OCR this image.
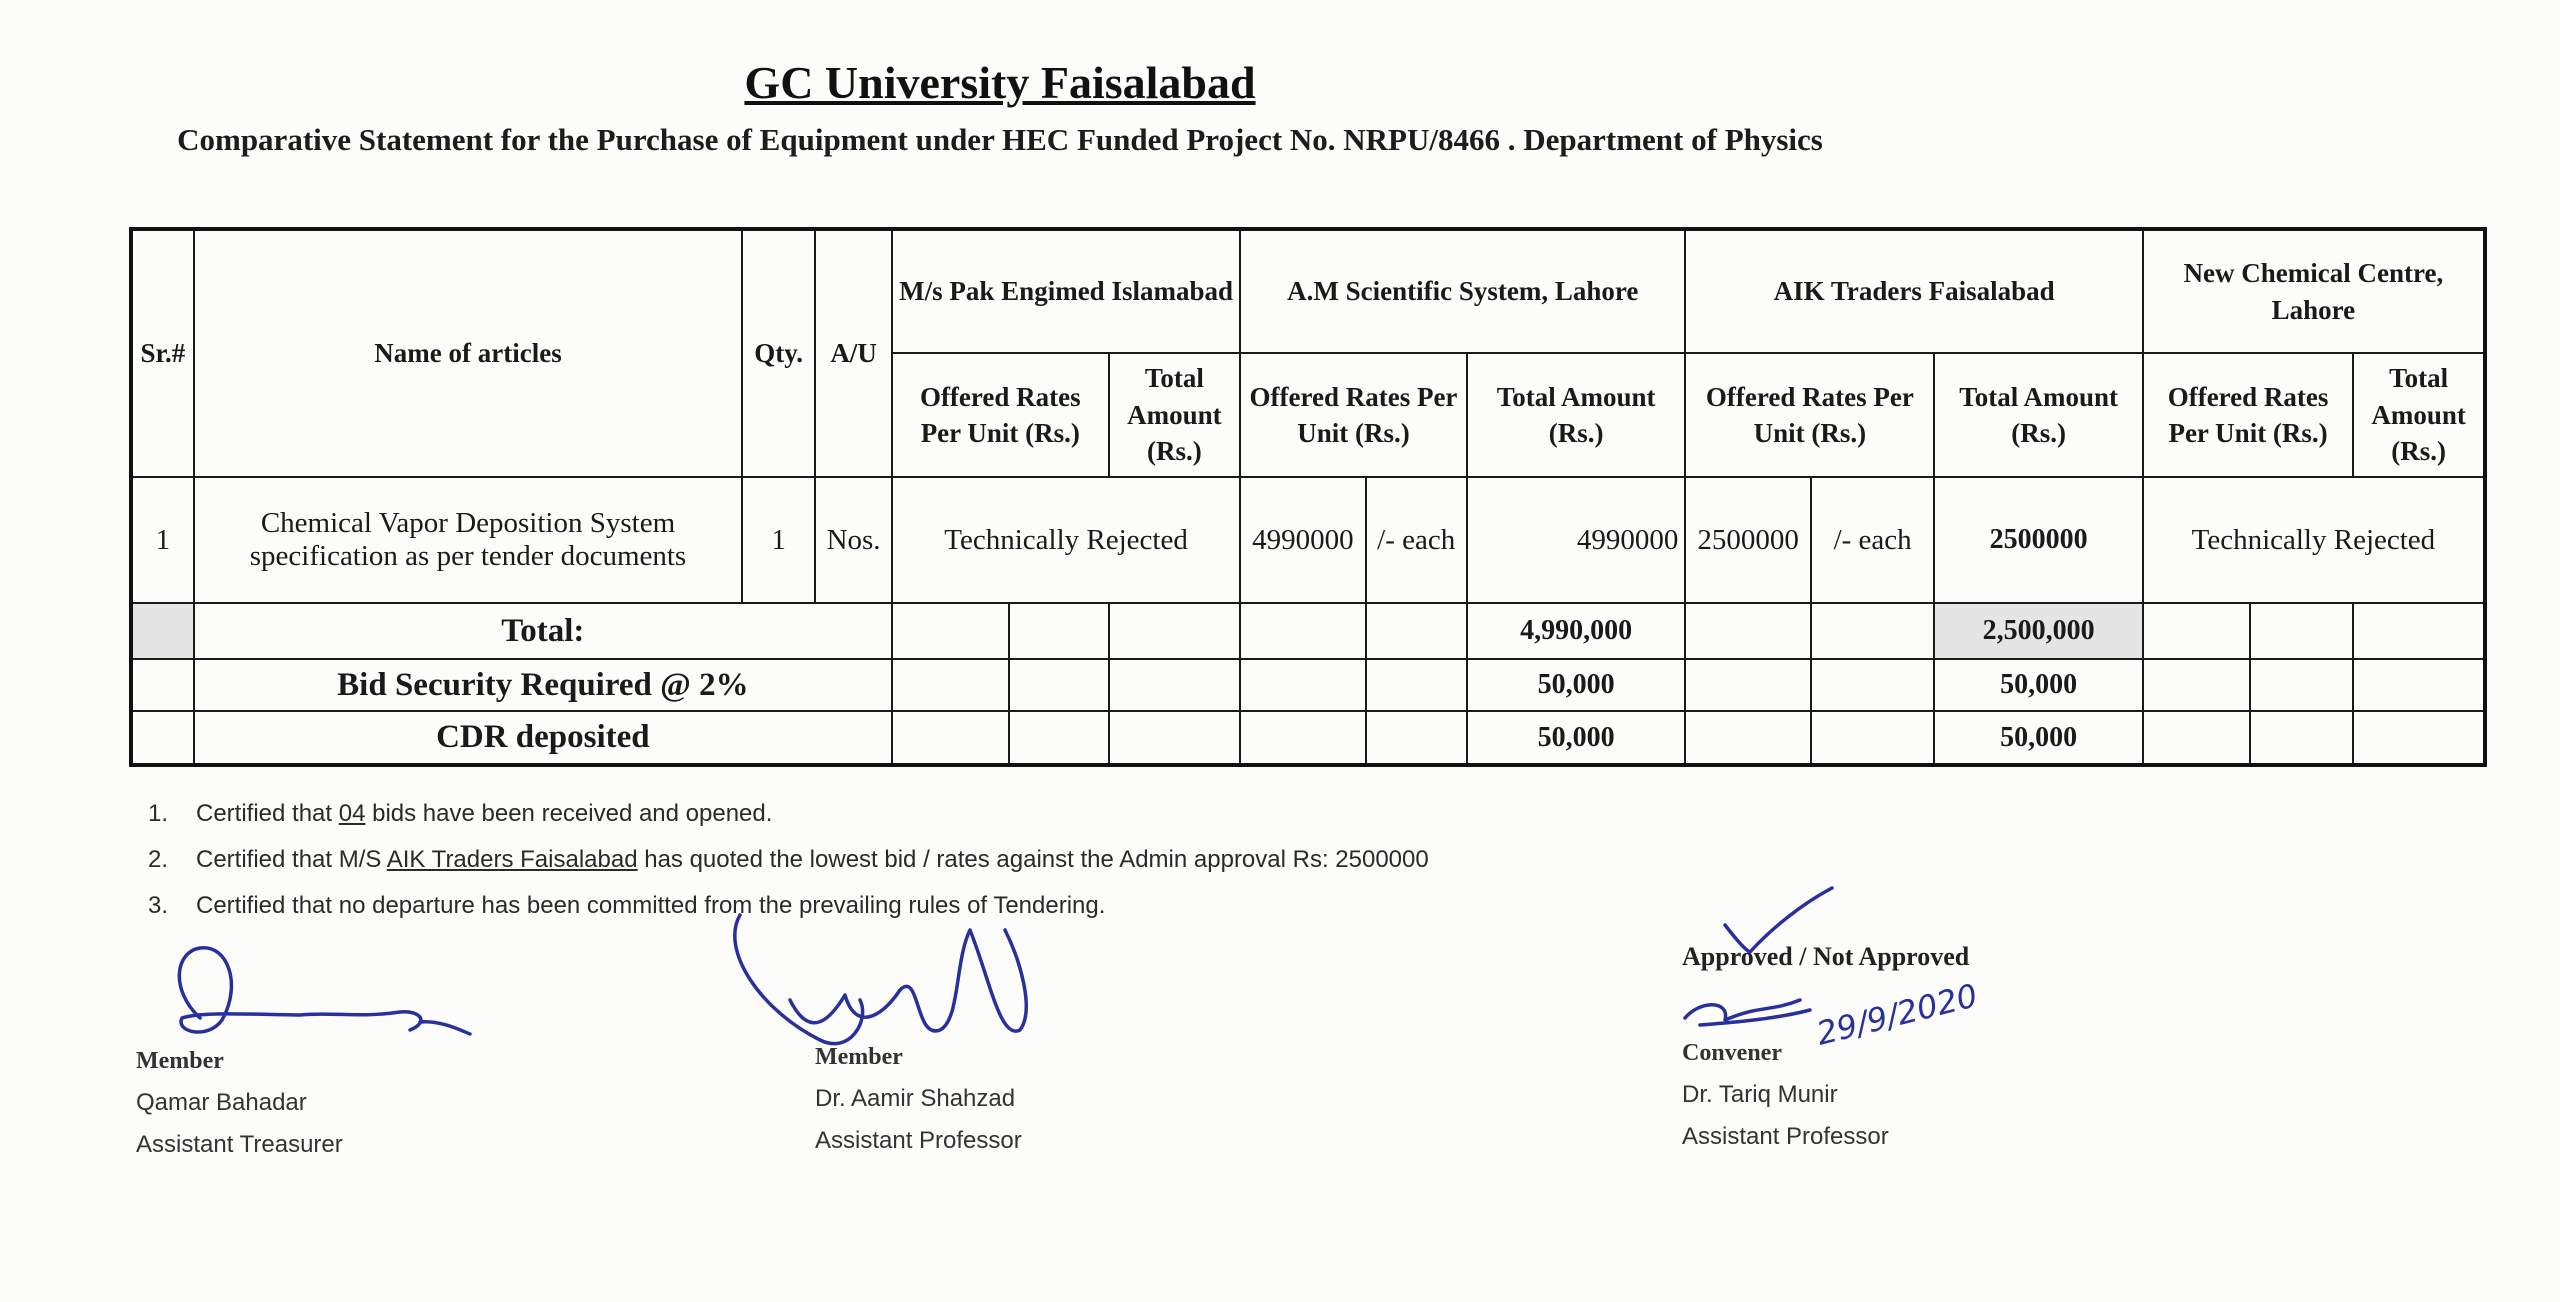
GC University Faisalabad
Comparative Statement for the Purchase of Equipment under HEC Funded Project No. NRPU/8466 . Department of Physics
Sr.#	Name of articles	Qty.	A/U	M/s Pak Engimed Islamabad			A.M Scientific System, Lahore			AIK Traders Faisalabad			New Chemical Centre, Lahore		
				Offered Rates Per Unit (Rs.)		Total Amount (Rs.)	Offered Rates Per Unit (Rs.)		Total Amount (Rs.)	Offered Rates Per Unit (Rs.)		Total Amount (Rs.)	Offered Rates Per Unit (Rs.)		Total Amount (Rs.)
1	Chemical Vapor Deposition System specification as per tender documents	1	Nos.	Technically Rejected			4990000	/- each	4990000	2500000	/- each	2500000	Technically Rejected		
	Total:								4,990,000			2,500,000			
	Bid Security Required @ 2%								50,000			50,000			
	CDR deposited								50,000			50,000			
1. Certified that 04 bids have been received and opened.
2. Certified that M/S AIK Traders Faisalabad has quoted the lowest bid / rates against the Admin approval Rs: 2500000
3. Certified that no departure has been committed from the prevailing rules of Tendering.
Approved / Not Approved
Member
Qamar Bahadar
Assistant Treasurer
Member
Dr. Aamir Shahzad
Assistant Professor
Convener
Dr. Tariq Munir
Assistant Professor
29/9/2020
